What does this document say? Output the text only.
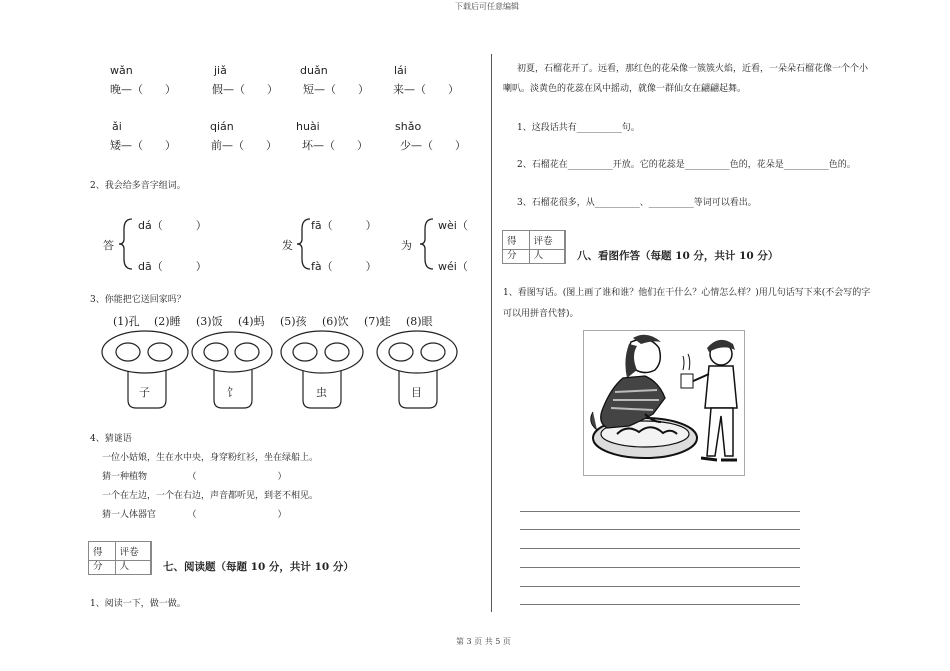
下载后可任意编辑
wǎn
晚—（　　）
jiǎ
假—（　　）
duǎn
短—（　　）
lái
来—（　　）
ǎi
矮—（　　）
qián
前—（　　）
huài
坏—（　　）
shǎo
少—（　　）
2、我会给多音字组词。
答
dá（　　　）
dā（　　　）
发
fā（　　　）
fà（　　　）
为
wèi（
wéi（
3、你能把它送回家吗？
(1)孔 (2)睡 (3)饭 (4)蚂 (5)孩 (6)饮 (7)蛙 (8)眼
子	饣	虫	目
4、猜谜语
一位小姑娘，生在水中央，身穿粉红衫，坐在绿船上。
猜一种植物　　　　　（　　　　　　　　　）
一个在左边，一个在右边，声音都听见，到老不相见。
猜一人体器官　　　　（　　　　　　　　　）
得分
评卷人	七、阅读题（每题 10 分，共计 10 分）
1、阅读一下，做一做。
初夏，石榴花开了。远看，那红色的花朵像一簇簇火焰，近看，一朵朵石榴花像一个个小
喇叭。淡黄色的花蕊在风中摇动，就像一群仙女在翩翩起舞。
1、这段话共有__________句。
2、石榴花在__________开放。它的花蕊是__________色的，花朵是__________色的。
3、石榴花很多，从__________、__________等词可以看出。
得分
评卷人	八、看图作答（每题 10 分，共计 10 分）
1、看图写话。(图上画了谁和谁？他们在干什么？心情怎么样？)用几句话写下来(不会写的字
可以用拼音代替)。
第 3 页 共 5 页
